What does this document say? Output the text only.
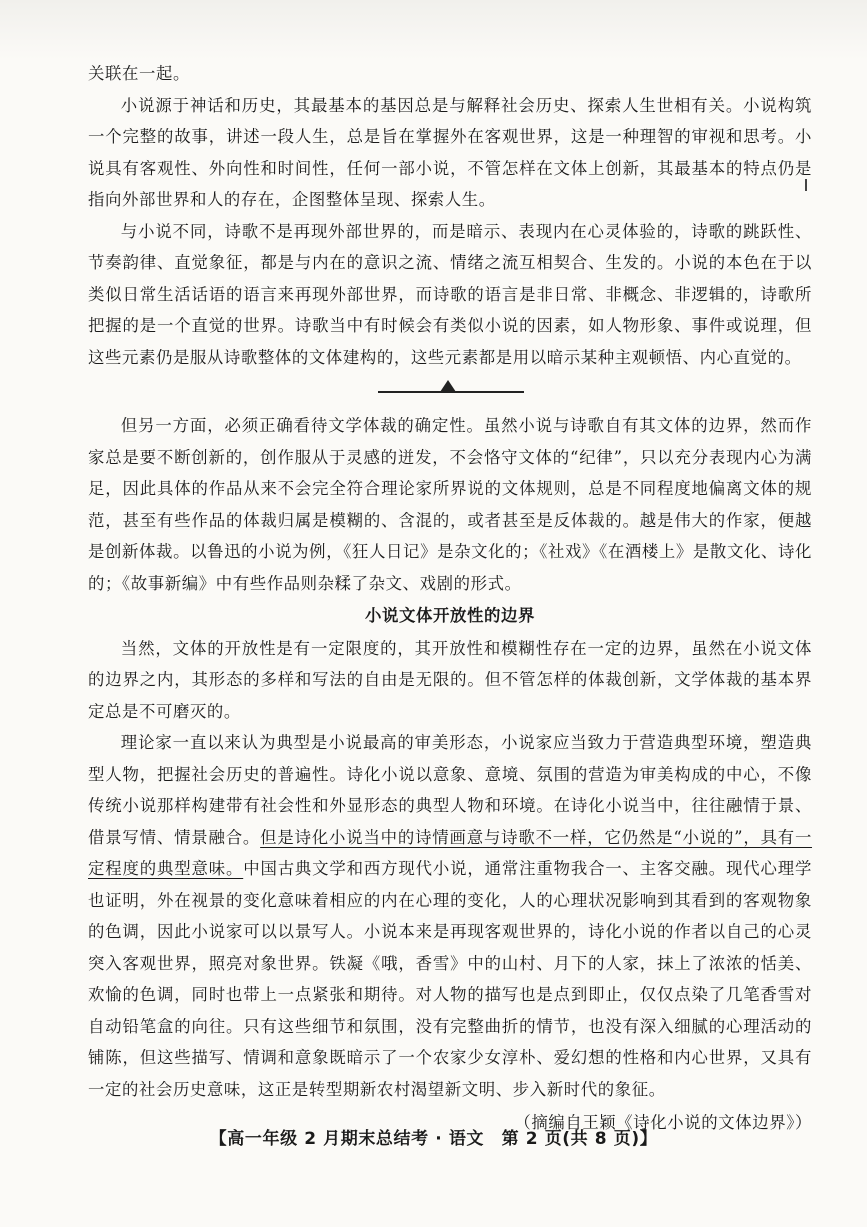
关联在一起。

小说源于神话和历史，其最基本的基因总是与解释社会历史、探索人生世相有关。小说构筑一个完整的故事，讲述一段人生，总是旨在掌握外在客观世界，这是一种理智的审视和思考。小说具有客观性、外向性和时间性，任何一部小说，不管怎样在文体上创新，其最基本的特点仍是指向外部世界和人的存在，企图整体呈现、探索人生。

与小说不同，诗歌不是再现外部世界的，而是暗示、表现内在心灵体验的，诗歌的跳跃性、节奏韵律、直觉象征，都是与内在的意识之流、情绪之流互相契合、生发的。小说的本色在于以类似日常生活话语的语言来再现外部世界，而诗歌的语言是非日常、非概念、非逻辑的，诗歌所把握的是一个直觉的世界。诗歌当中有时候会有类似小说的因素，如人物形象、事件或说理，但这些元素仍是服从诗歌整体的文体建构的，这些元素都是用以暗示某种主观顿悟、内心直觉的。

但另一方面，必须正确看待文学体裁的确定性。虽然小说与诗歌自有其文体的边界，然而作家总是要不断创新的，创作服从于灵感的迸发，不会恪守文体的“纪律”，只以充分表现内心为满足，因此具体的作品从来不会完全符合理论家所界说的文体规则，总是不同程度地偏离文体的规范，甚至有些作品的体裁归属是模糊的、含混的，或者甚至是反体裁的。越是伟大的作家，便越是创新体裁。以鲁迅的小说为例，《狂人日记》是杂文化的；《社戏》《在酒楼上》是散文化、诗化的；《故事新编》中有些作品则杂糅了杂文、戏剧的形式。

小说文体开放性的边界

当然，文体的开放性是有一定限度的，其开放性和模糊性存在一定的边界，虽然在小说文体的边界之内，其形态的多样和写法的自由是无限的。但不管怎样的体裁创新，文学体裁的基本界定总是不可磨灭的。

理论家一直以来认为典型是小说最高的审美形态，小说家应当致力于营造典型环境，塑造典型人物，把握社会历史的普遍性。诗化小说以意象、意境、氛围的营造为审美构成的中心，不像传统小说那样构建带有社会性和外显形态的典型人物和环境。在诗化小说当中，往往融情于景、借景写情、情景融合。但是诗化小说当中的诗情画意与诗歌不一样，它仍然是“小说的”，具有一定程度的典型意味。中国古典文学和西方现代小说，通常注重物我合一、主客交融。现代心理学也证明，外在视景的变化意味着相应的内在心理的变化，人的心理状况影响到其看到的客观物象的色调，因此小说家可以以景写人。小说本来是再现客观世界的，诗化小说的作者以自己的心灵突入客观世界，照亮对象世界。铁凝《哦，香雪》中的山村、月下的人家，抹上了浓浓的恬美、欢愉的色调，同时也带上一点紧张和期待。对人物的描写也是点到即止，仅仅点染了几笔香雪对自动铅笔盒的向往。只有这些细节和氛围，没有完整曲折的情节，也没有深入细腻的心理活动的铺陈，但这些描写、情调和意象既暗示了一个农家少女淳朴、爱幻想的性格和内心世界，又具有一定的社会历史意味，这正是转型期新农村渴望新文明、步入新时代的象征。

（摘编自王颖《诗化小说的文体边界》）

【高一年级 2 月期末总结考 · 语文　第 2 页(共 8 页)】
